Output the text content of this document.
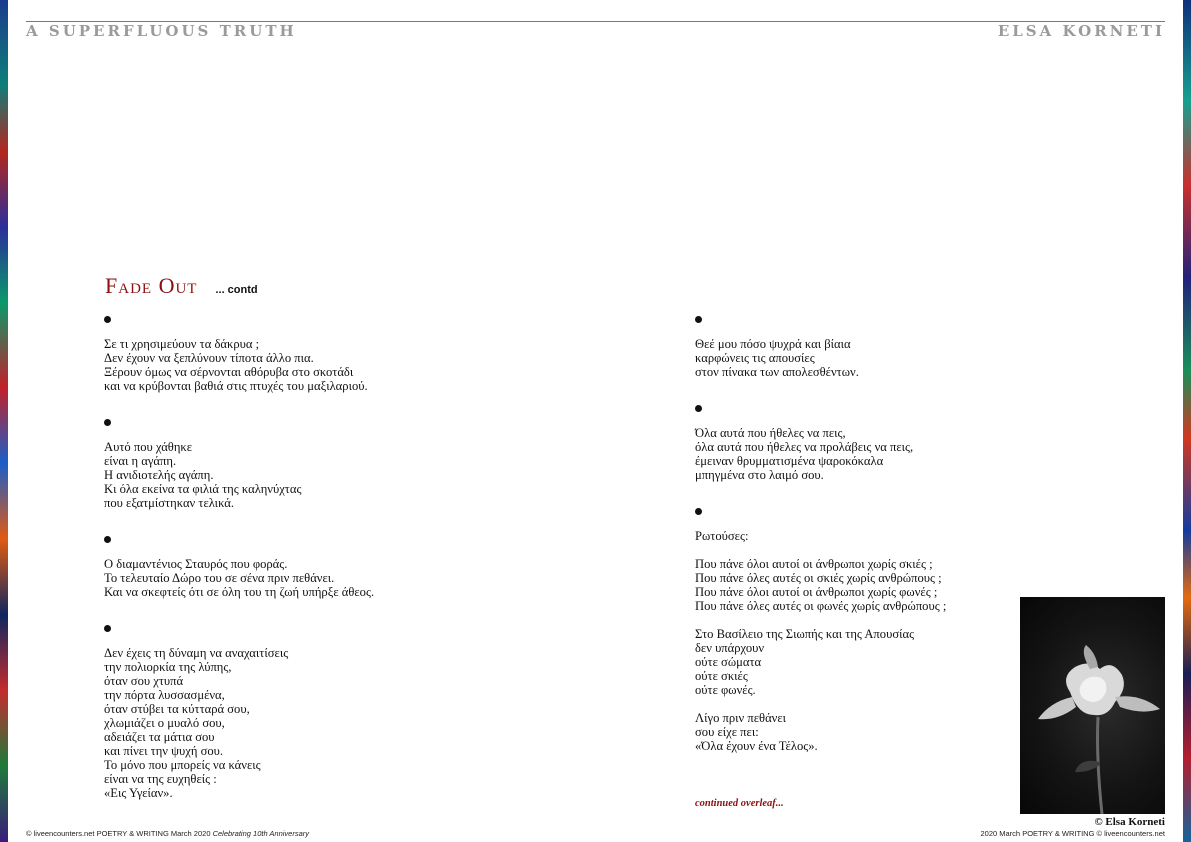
A SUPERFLUOUS TRUTH	ELSA KORNETI
Fade Out ... contd
Σε τι χρησιμεύουν τα δάκρυα ;
Δεν έχουν να ξεπλύνουν τίποτα άλλο πια.
Ξέρουν όμως να σέρνονται αθόρυβα στο σκοτάδι
και να κρύβονται βαθιά στις πτυχές του μαξιλαριού.
Αυτό που χάθηκε
είναι η αγάπη.
Η ανιδιοτελής αγάπη.
Κι όλα εκείνα τα φιλιά της καληνύχτας
που εξατμίστηκαν τελικά.
Ο διαμαντένιος Σταυρός που φοράς.
Το τελευταίο Δώρο του σε σένα πριν πεθάνει.
Και να σκεφτείς ότι σε όλη του τη ζωή υπήρξε άθεος.
Δεν έχεις τη δύναμη να αναχαιτίσεις
την πολιορκία της λύπης,
όταν σου χτυπά
την πόρτα λυσσασμένα,
όταν στύβει τα κύτταρά σου,
χλωμιάζει ο μυαλό σου,
αδειάζει τα μάτια σου
και πίνει την ψυχή σου.
Το μόνο που μπορείς να κάνεις
είναι να της ευχηθείς :
«Εις Υγείαν».
Θεέ μου πόσο ψυχρά και βίαια
καρφώνεις τις απουσίες
στον πίνακα των απολεσθέντων.
Όλα αυτά που ήθελες να πεις,
όλα αυτά που ήθελες να προλάβεις να πεις,
έμειναν θρυμματισμένα ψαροκόκαλα
μπηγμένα στο λαιμό σου.
Ρωτούσες:
Που πάνε όλοι αυτοί οι άνθρωποι χωρίς σκιές ;
Που πάνε όλες αυτές οι σκιές χωρίς ανθρώπους ;
Που πάνε όλοι αυτοί οι άνθρωποι χωρίς φωνές ;
Που πάνε όλες αυτές οι φωνές χωρίς ανθρώπους ;
Στο Βασίλειο της Σιωπής και της Απουσίας
δεν υπάρχουν
ούτε σώματα
ούτε σκιές
ούτε φωνές.
Λίγο πριν πεθάνει
σου είχε πει:
«Όλα έχουν ένα Τέλος».
continued overleaf...
© Elsa Korneti
© liveencounters.net POETRY & WRITING March 2020 Celebrating 10th Anniversary	2020 March POETRY & WRITING © liveencounters.net
